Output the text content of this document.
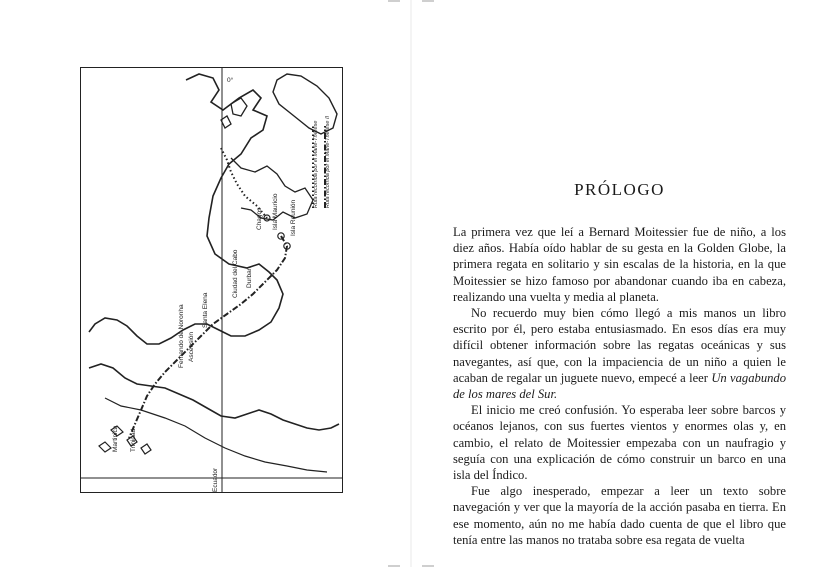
0°
Ecuador
Martinica Trinidad
Fernando de Noronha Ascensión
Santa Elena
Ciudad del Cabo Durban
Chagos Isla Mauricio Isla Reunión
Ruta recorrida por el Marie-Thérèse Ruta recorrida por el Marie-Thérèse II	PRÓLOGO

La primera vez que leí a Bernard Moitessier fue de niño, a los diez años. Había oído hablar de su gesta en la Golden Globe, la primera regata en solitario y sin escalas de la historia, en la que Moitessier se hizo famoso por abandonar cuando iba en cabeza, realizando una vuelta y media al planeta.

No recuerdo muy bien cómo llegó a mis manos un libro escrito por él, pero estaba entusiasmado. En esos días era muy difícil obtener información sobre las regatas oceánicas y sus navegantes, así que, con la impaciencia de un niño a quien le acaban de regalar un juguete nuevo, empecé a leer Un vagabundo de los mares del Sur.

El inicio me creó confusión. Yo esperaba leer sobre barcos y océanos lejanos, con sus fuertes vientos y enormes olas y, en cambio, el relato de Moitessier empezaba con un naufragio y seguía con una explicación de cómo construir un barco en una isla del Índico.

Fue algo inesperado, empezar a leer un texto sobre navegación y ver que la mayoría de la acción pasaba en tierra. En ese momento, aún no me había dado cuenta de que el libro que tenía entre las manos no trataba sobre esa regata de vuelta
